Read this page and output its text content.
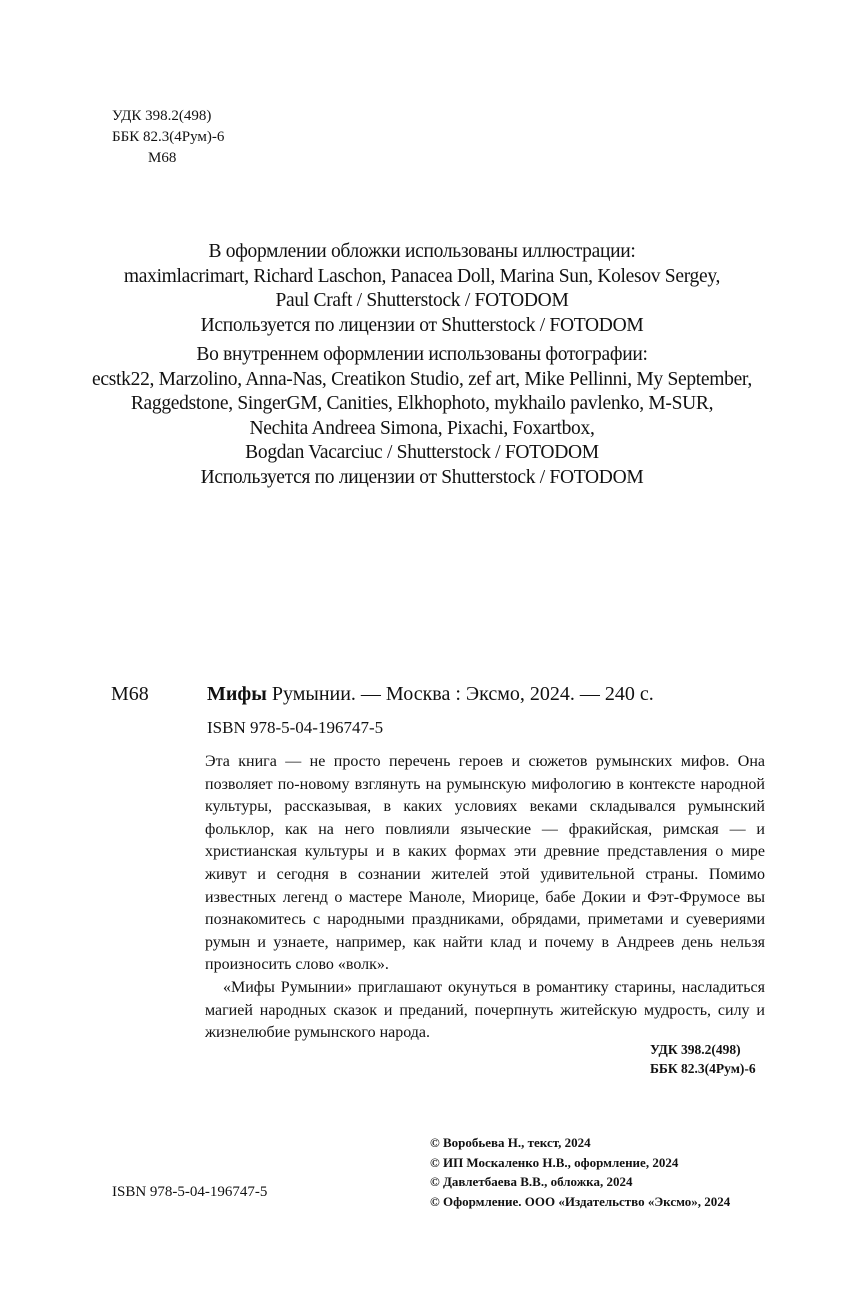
УДК 398.2(498)
ББК 82.3(4Рум)-6
М68
В оформлении обложки использованы иллюстрации:
maximlacrimart, Richard Laschon, Panacea Doll, Marina Sun, Kolesov Sergey,
Paul Craft / Shutterstock / FOTODOM
Используется по лицензии от Shutterstock / FOTODOM
Во внутреннем оформлении использованы фотографии:
ecstk22, Marzolino, Anna-Nas, Creatikon Studio, zef art, Mike Pellinni, My September,
Raggedstone, SingerGM, Canities, Elkhophoto, mykhailo pavlenko, M-SUR,
Nechita Andreea Simona, Pixachi, Foxartbox,
Bogdan Vacarciuc / Shutterstock / FOTODOM
Используется по лицензии от Shutterstock / FOTODOM
М68	Мифы Румынии. — Москва : Эксмо, 2024. — 240 с.
ISBN 978-5-04-196747-5

Эта книга — не просто перечень героев и сюжетов румынских мифов. Она позволяет по-новому взглянуть на румынскую мифологию в контексте народной культуры, рассказывая, в каких условиях веками складывался румынский фольклор, как на него повлияли языческие — фракийская, римская — и христианская культуры и в каких формах эти древние представления о мире живут и сегодня в сознании жителей этой удивительной страны. Помимо известных легенд о мастере Маноле, Миорице, бабе Докии и Фэт-Фрумосе вы познакомитесь с народными праздниками, обрядами, приметами и суевериями румын и узнаете, например, как найти клад и почему в Андреев день нельзя произносить слово «волк».

«Мифы Румынии» приглашают окунуться в романтику старины, насладиться магией народных сказок и преданий, почерпнуть житейскую мудрость, силу и жизнелюбие румынского народа.

УДК 398.2(498)
ББК 82.3(4Рум)-6
ISBN 978-5-04-196747-5
© Воробьева Н., текст, 2024
© ИП Москаленко Н.В., оформление, 2024
© Давлетбаева В.В., обложка, 2024
© Оформление. ООО «Издательство «Эксмо», 2024
